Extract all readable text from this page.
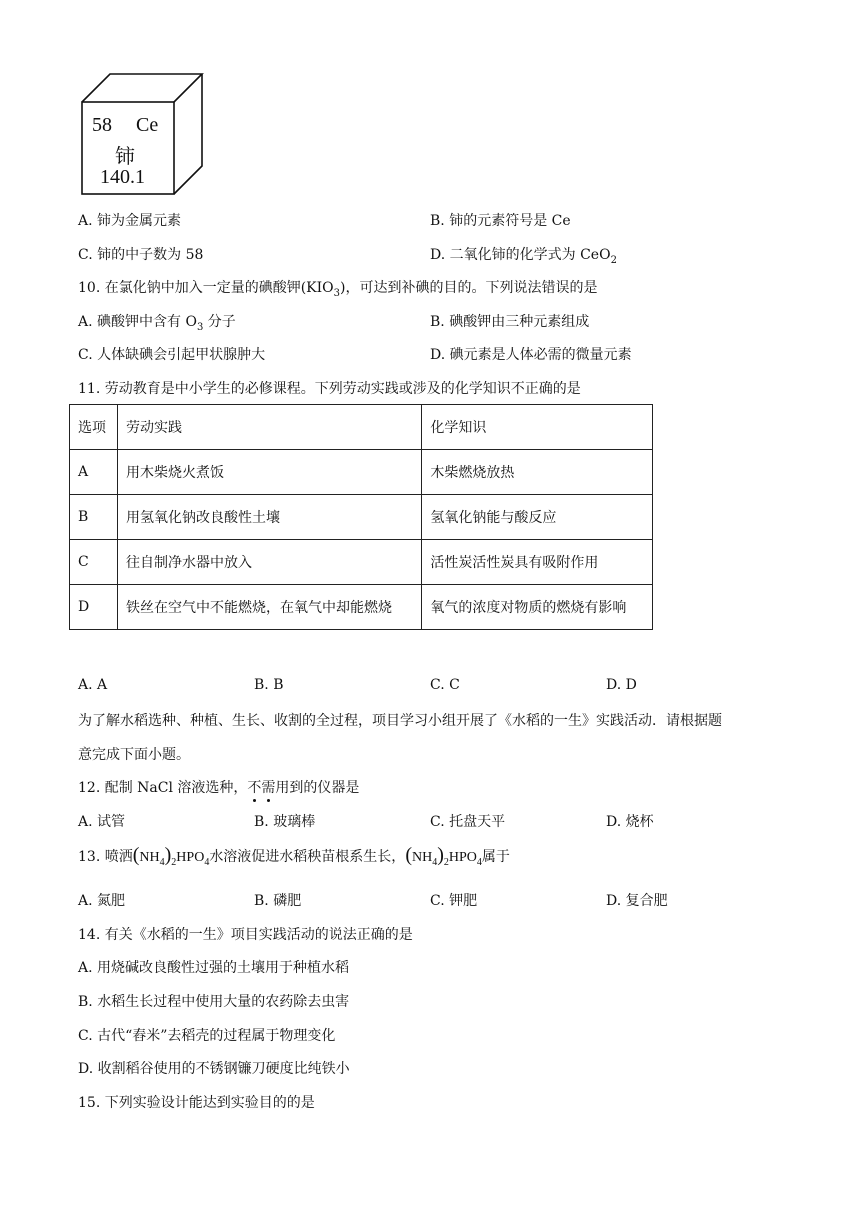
58 Ce
铈
140.1
A. 铈为金属元素	B. 铈的元素符号是 Ce
C. 铈的中子数为 58	D. 二氧化铈的化学式为 CeO$_2$
10. 在氯化钠中加入一定量的碘酸钾$(KIO_3)$，可达到补碘的目的。下列说法错误的是
A. 碘酸钾中含有 $O_3$ 分子	B. 碘酸钾由三种元素组成
C. 人体缺碘会引起甲状腺肿大	D. 碘元素是人体必需的微量元素
11. 劳动教育是中小学生的必修课程。下列劳动实践或涉及的化学知识不正确的是
选项	劳动实践	化学知识
A	用木柴烧火煮饭	木柴燃烧放热
B	用氢氧化钠改良酸性土壤	氢氧化钠能与酸反应
C	往自制净水器中放入	活性炭活性炭具有吸附作用
D	铁丝在空气中不能燃烧，在氧气中却能燃烧	氧气的浓度对物质的燃烧有影响
A. A	B. B	C. C	D. D
为了解水稻选种、种植、生长、收割的全过程，项目学习小组开展了《水稻的一生》实践活动．请根据题
意完成下面小题。
12. 配制 NaCl 溶液选种，不需用到的仪器是
A. 试管	B. 玻璃棒	C. 托盘天平	D. 烧杯
13. 喷洒$(NH_4)_2HPO_4$水溶液促进水稻秧苗根系生长，$(NH_4)_2HPO_4$属于
A. 氮肥	B. 磷肥	C. 钾肥	D. 复合肥
14. 有关《水稻的一生》项目实践活动的说法正确的是
A. 用烧碱改良酸性过强的土壤用于种植水稻
B. 水稻生长过程中使用大量的农药除去虫害
C. 古代“舂米”去稻壳的过程属于物理变化
D. 收割稻谷使用的不锈钢镰刀硬度比纯铁小
15. 下列实验设计能达到实验目的的是
